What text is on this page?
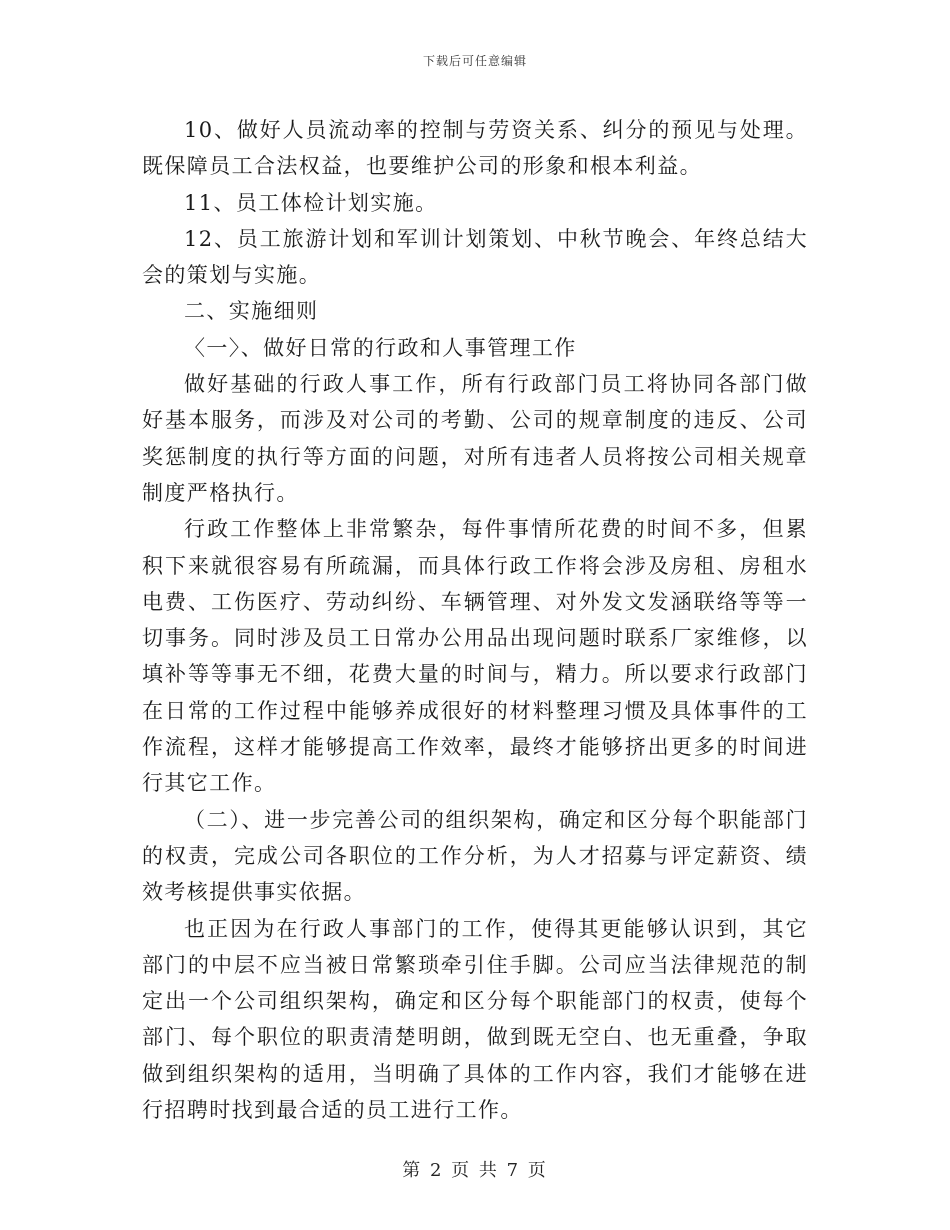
下载后可任意编辑

10、做好人员流动率的控制与劳资关系、纠分的预见与处理。既保障员工合法权益，也要维护公司的形象和根本利益。

11、员工体检计划实施。

12、员工旅游计划和军训计划策划、中秋节晚会、年终总结大会的策划与实施。

二、实施细则

〈一〉、做好日常的行政和人事管理工作

做好基础的行政人事工作，所有行政部门员工将协同各部门做好基本服务，而涉及对公司的考勤、公司的规章制度的违反、公司奖惩制度的执行等方面的问题，对所有违者人员将按公司相关规章制度严格执行。

行政工作整体上非常繁杂，每件事情所花费的时间不多，但累积下来就很容易有所疏漏，而具体行政工作将会涉及房租、房租水电费、工伤医疗、劳动纠纷、车辆管理、对外发文发涵联络等等一切事务。同时涉及员工日常办公用品出现问题时联系厂家维修，以填补等等事无不细，花费大量的时间与，精力。所以要求行政部门在日常的工作过程中能够养成很好的材料整理习惯及具体事件的工作流程，这样才能够提高工作效率，最终才能够挤出更多的时间进行其它工作。

（二）、进一步完善公司的组织架构，确定和区分每个职能部门的权责，完成公司各职位的工作分析，为人才招募与评定薪资、绩效考核提供事实依据。

也正因为在行政人事部门的工作，使得其更能够认识到，其它部门的中层不应当被日常繁琐牵引住手脚。公司应当法律规范的制定出一个公司组织架构，确定和区分每个职能部门的权责，使每个部门、每个职位的职责清楚明朗，做到既无空白、也无重叠，争取做到组织架构的适用，当明确了具体的工作内容，我们才能够在进行招聘时找到最合适的员工进行工作。

第 2 页 共 7 页
